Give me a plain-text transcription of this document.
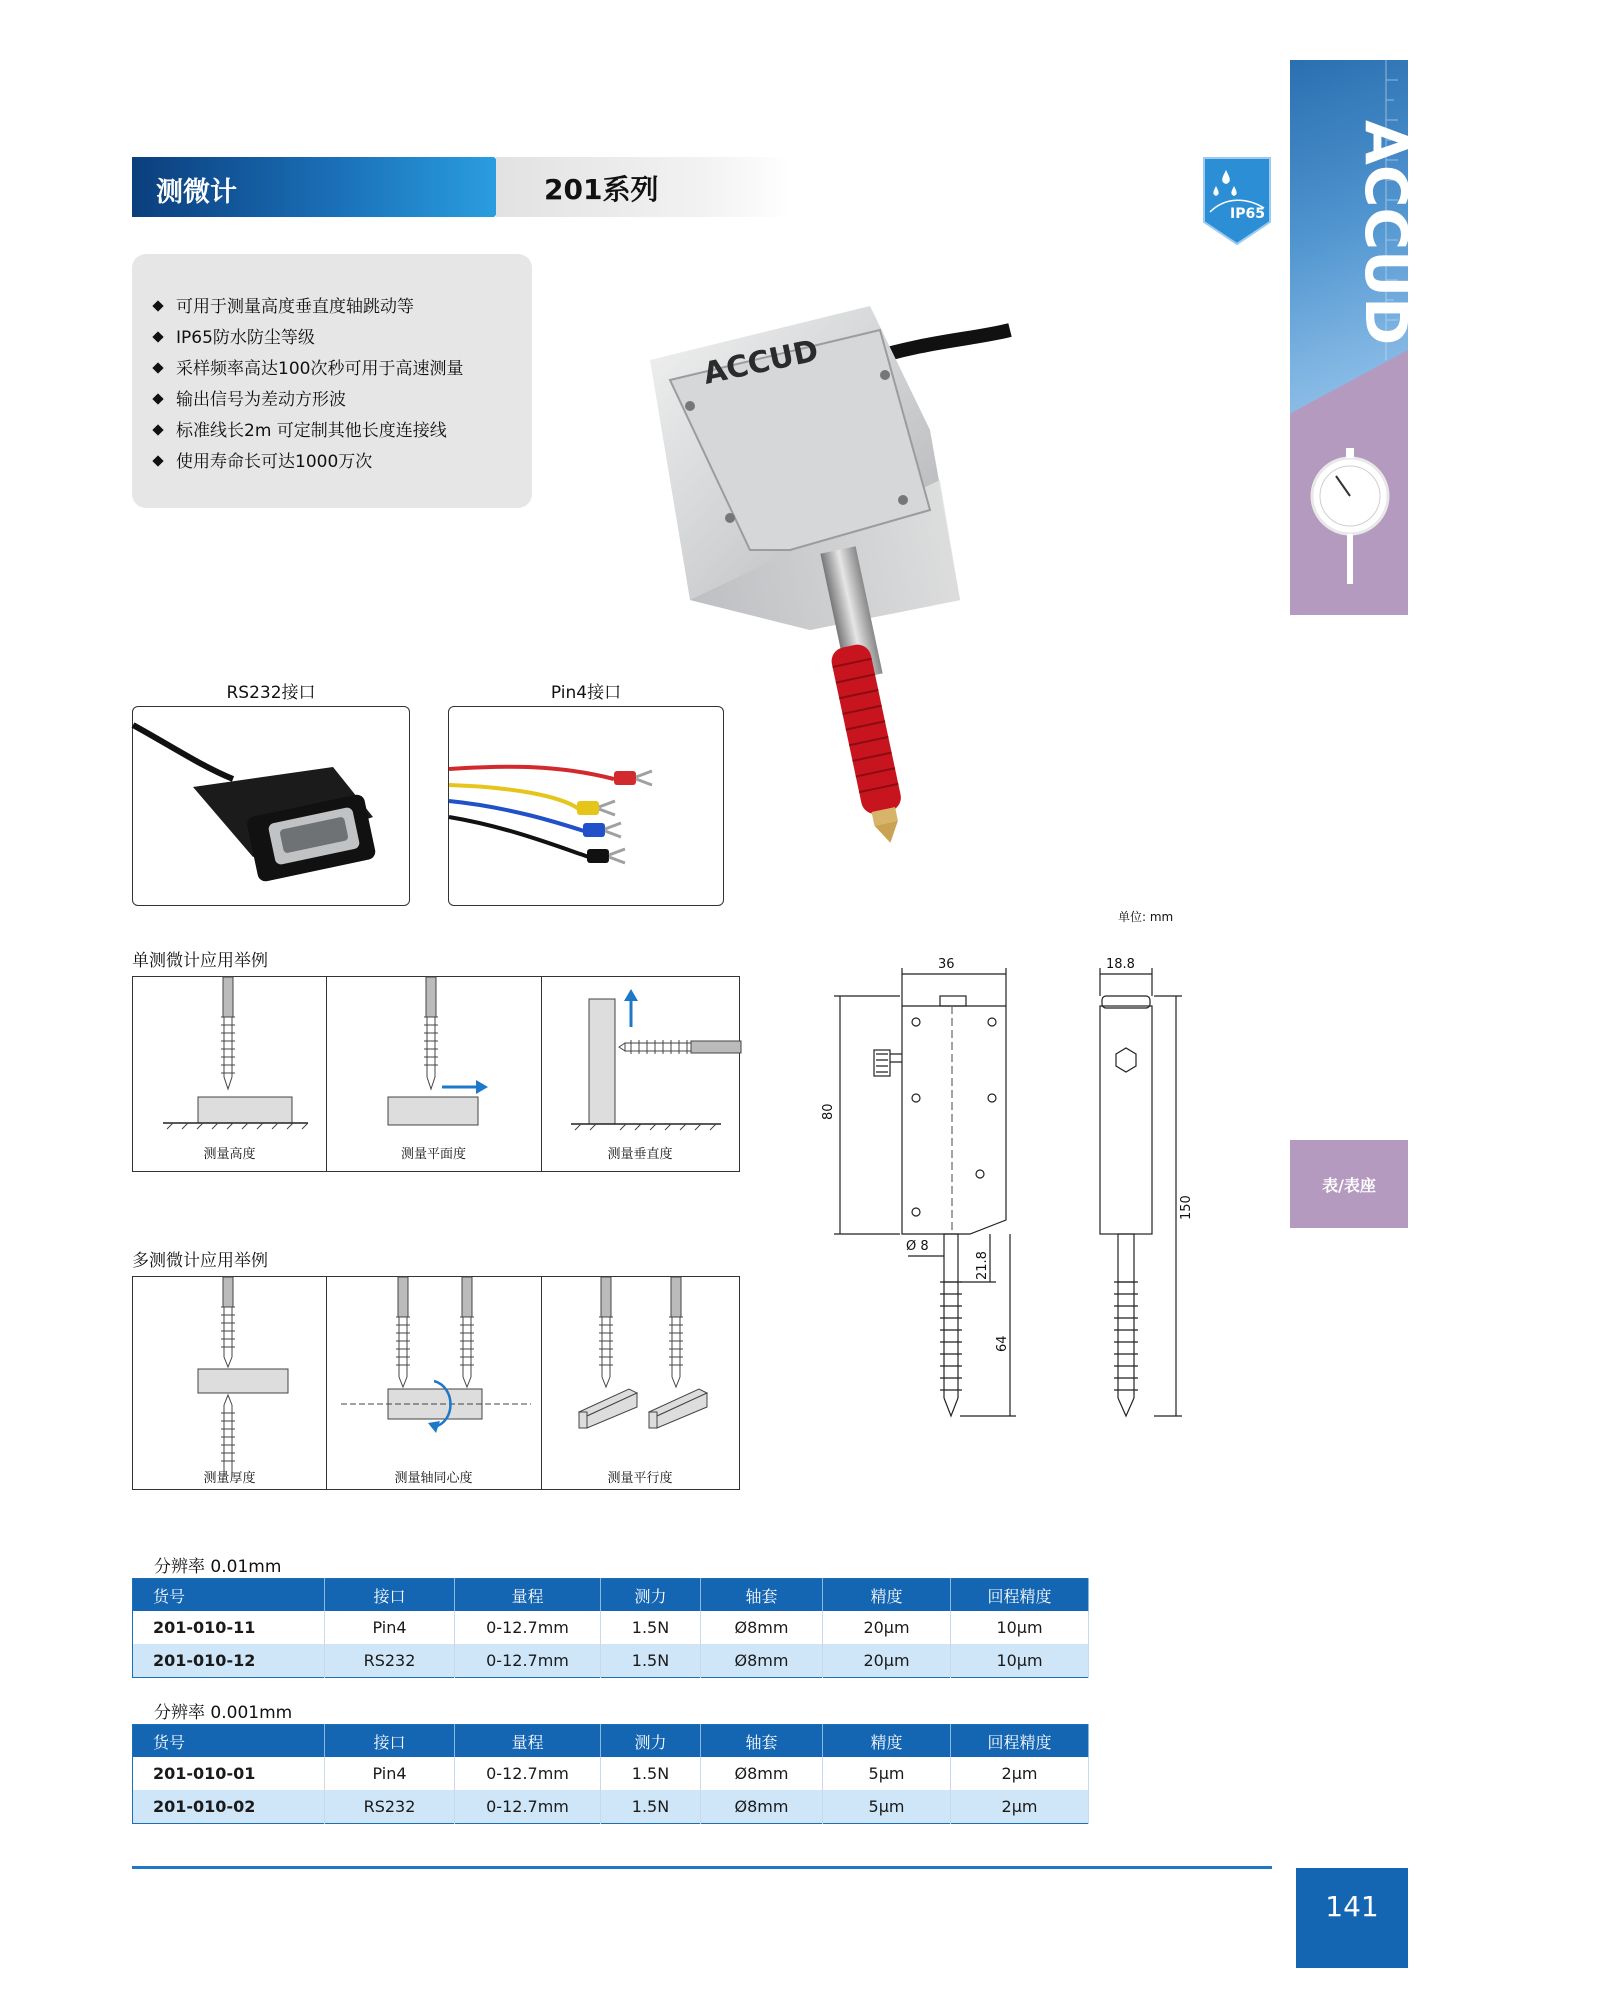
测微计	201系列
可用于测量高度垂直度轴跳动等
IP65防水防尘等级
采样频率高达100次秒可用于高速测量
输出信号为差动方形波
标准线长2m 可定制其他长度连接线
使用寿命长可达1000万次
ACCUD
RS232接口	Pin4接口
单测微计应用举例
测量高度	测量平面度	测量垂直度
多测微计应用举例
测量厚度	测量轴同心度	测量平行度
单位: mm
36	18.8
80
150
Ø 8
21.8
64
分辨率 0.01mm
货号	接口	量程	测力	轴套	精度	回程精度
201-010-11	Pin4	0-12.7mm	1.5N	Ø8mm	20μm	10μm
201-010-12	RS232	0-12.7mm	1.5N	Ø8mm	20μm	10μm
分辨率 0.001mm
货号	接口	量程	测力	轴套	精度	回程精度
201-010-01	Pin4	0-12.7mm	1.5N	Ø8mm	5μm	2μm
201-010-02	RS232	0-12.7mm	1.5N	Ø8mm	5μm	2μm
ACCUD
IP65
表/表座
141
